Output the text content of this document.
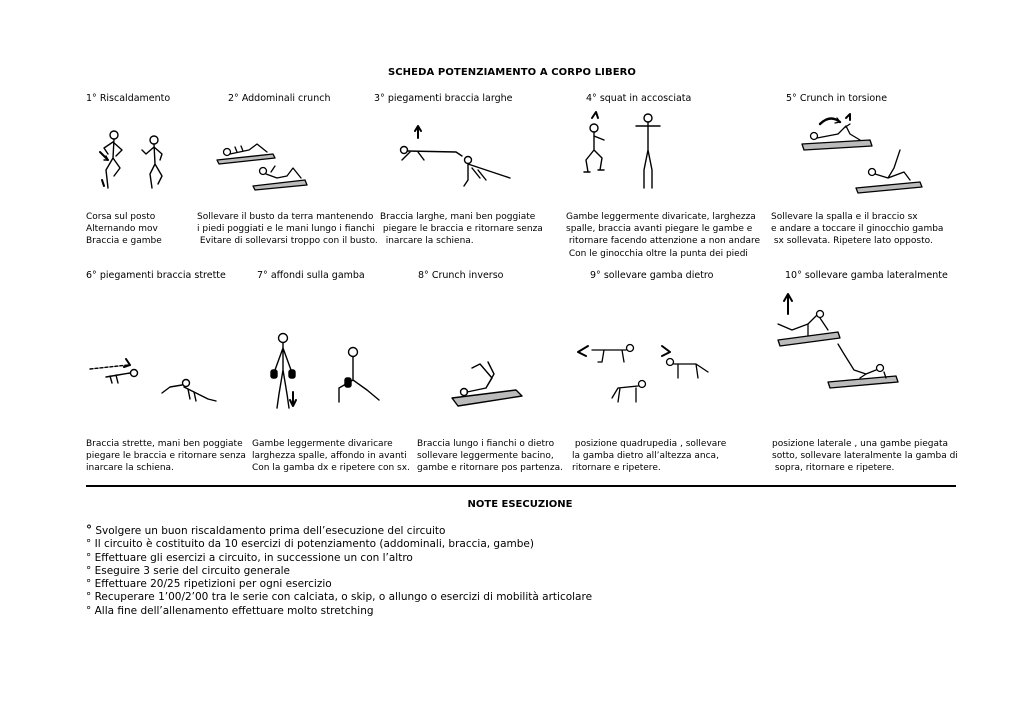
SCHEDA POTENZIAMENTO A CORPO LIBERO
1° Riscaldamento	2° Addominali crunch	3° piegamenti braccia larghe	4° squat in accosciata	5° Crunch in torsione
Corsa sul posto
Alternando mov
Braccia e gambe
Sollevare il busto da terra mantenendo
i piedi poggiati e le mani lungo i fianchi
Evitare di sollevarsi troppo con il busto.
Braccia larghe, mani ben poggiate
piegare le braccia e ritornare senza
inarcare la schiena.
Gambe leggermente divaricate, larghezza
spalle, braccia avanti piegare le gambe e
ritornare facendo attenzione a non andare
Con le ginocchia oltre la punta dei piedi
Sollevare la spalla e il braccio sx
e andare a toccare il ginocchio gamba
sx sollevata. Ripetere lato opposto.
6° piegamenti braccia strette	7° affondi sulla gamba	8° Crunch inverso	9° sollevare gamba dietro	10° sollevare gamba lateralmente
Braccia strette, mani ben poggiate
piegare le braccia e ritornare senza
inarcare la schiena.
Gambe leggermente divaricare
larghezza spalle, affondo in avanti
Con la gamba dx e ripetere con sx.
Braccia lungo i fianchi o dietro
sollevare leggermente bacino,
gambe e ritornare pos partenza.
posizione quadrupedia , sollevare
la gamba dietro all’altezza anca,
ritornare e ripetere.
posizione laterale , una gambe piegata
sotto, sollevare lateralmente la gamba di
sopra, ritornare e ripetere.
NOTE ESECUZIONE
° Svolgere un buon riscaldamento prima dell’esecuzione del circuito
° Il circuito è costituito da 10 esercizi di potenziamento (addominali, braccia, gambe)
° Effettuare gli esercizi a circuito, in successione un con l’altro
° Eseguire 3 serie del circuito generale
° Effettuare 20/25 ripetizioni per ogni esercizio
° Recuperare 1’00/2’00 tra le serie con calciata, o skip, o allungo o esercizi di mobilità articolare
° Alla fine dell’allenamento effettuare molto stretching
